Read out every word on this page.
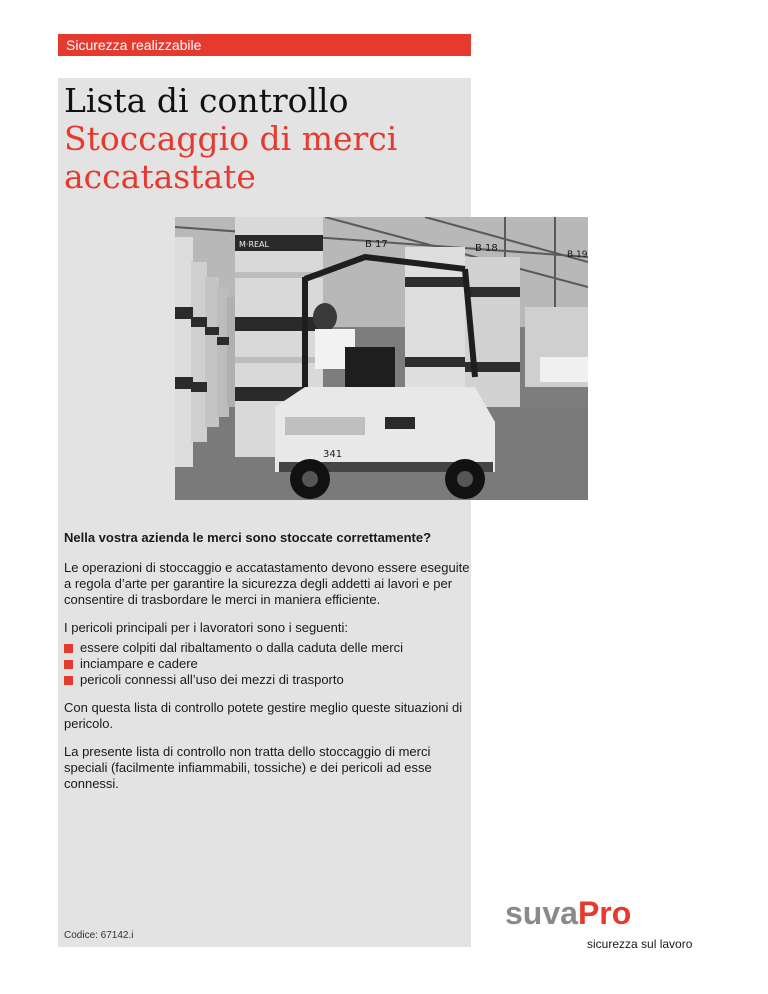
Sicurezza realizzabile
Lista di controllo
Stoccaggio di merci
accatastate
341
M·REAL	B 17	B 18
B 19

Nella vostra azienda le merci sono stoccate correttamente?

Le operazioni di stoccaggio e accatastamento devono essere eseguite a regola d’arte per garantire la sicurezza degli addetti ai lavori e per consentire di trasbordare le merci in maniera efficiente.

I pericoli principali per i lavoratori sono i seguenti:

essere colpiti dal ribaltamento o dalla caduta delle merci
inciampare e cadere
pericoli connessi all’uso dei mezzi di trasporto

Con questa lista di controllo potete gestire meglio queste situazioni di pericolo.

La presente lista di controllo non tratta dello stoccaggio di merci speciali (facilmente infiammabili, tossiche) e dei pericoli ad esse connessi.

Codice: 67142.i
suvaPro
sicurezza sul lavoro
